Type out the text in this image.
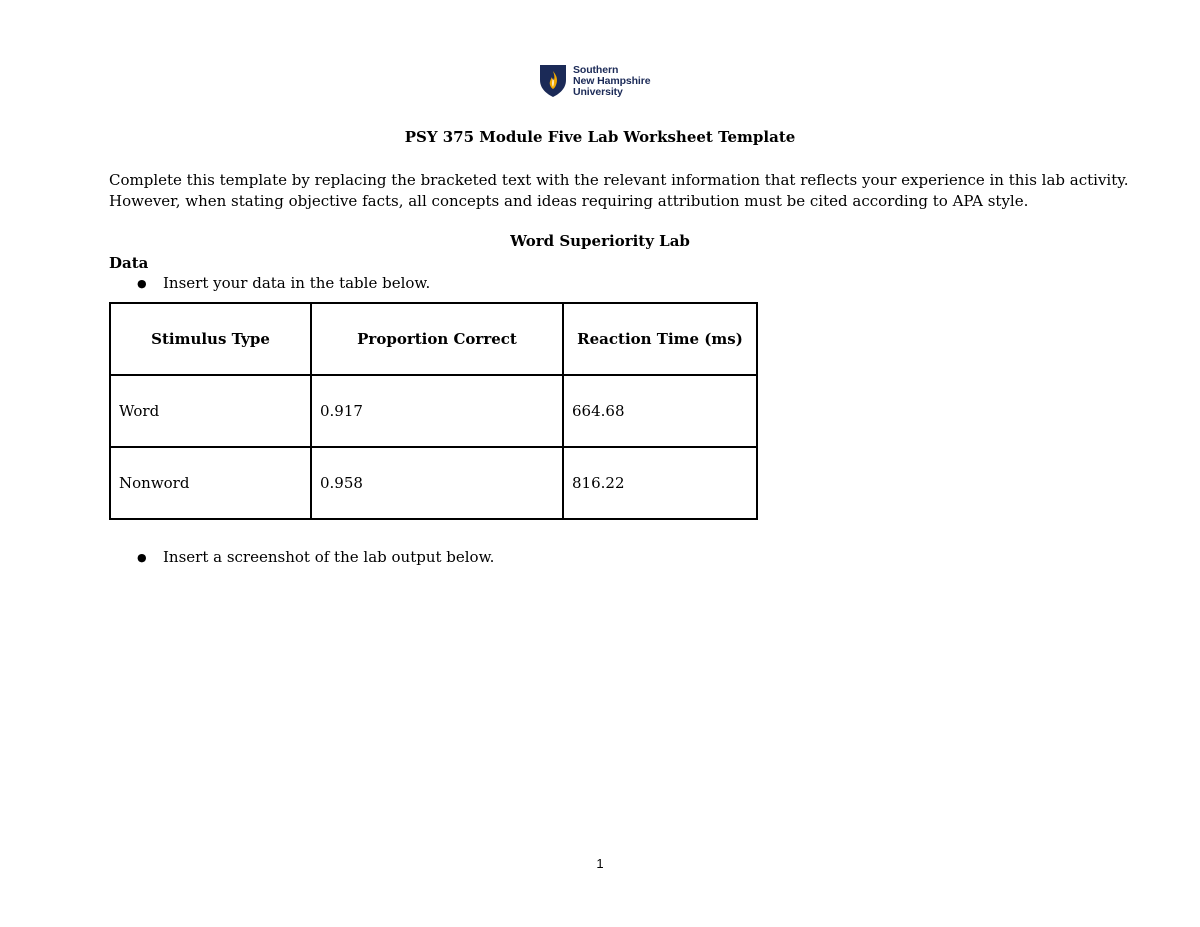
Southern
New Hampshire
University
PSY 375 Module Five Lab Worksheet Template
Complete this template by replacing the bracketed text with the relevant information that reflects your experience in this lab activity.
However, when stating objective facts, all concepts and ideas requiring attribution must be cited according to APA style.
Word Superiority Lab
Data
●	Insert your data in the table below.
Stimulus Type	Proportion Correct	Reaction Time (ms)
Word	0.917	664.68
Nonword	0.958	816.22
●	Insert a screenshot of the lab output below.
1
